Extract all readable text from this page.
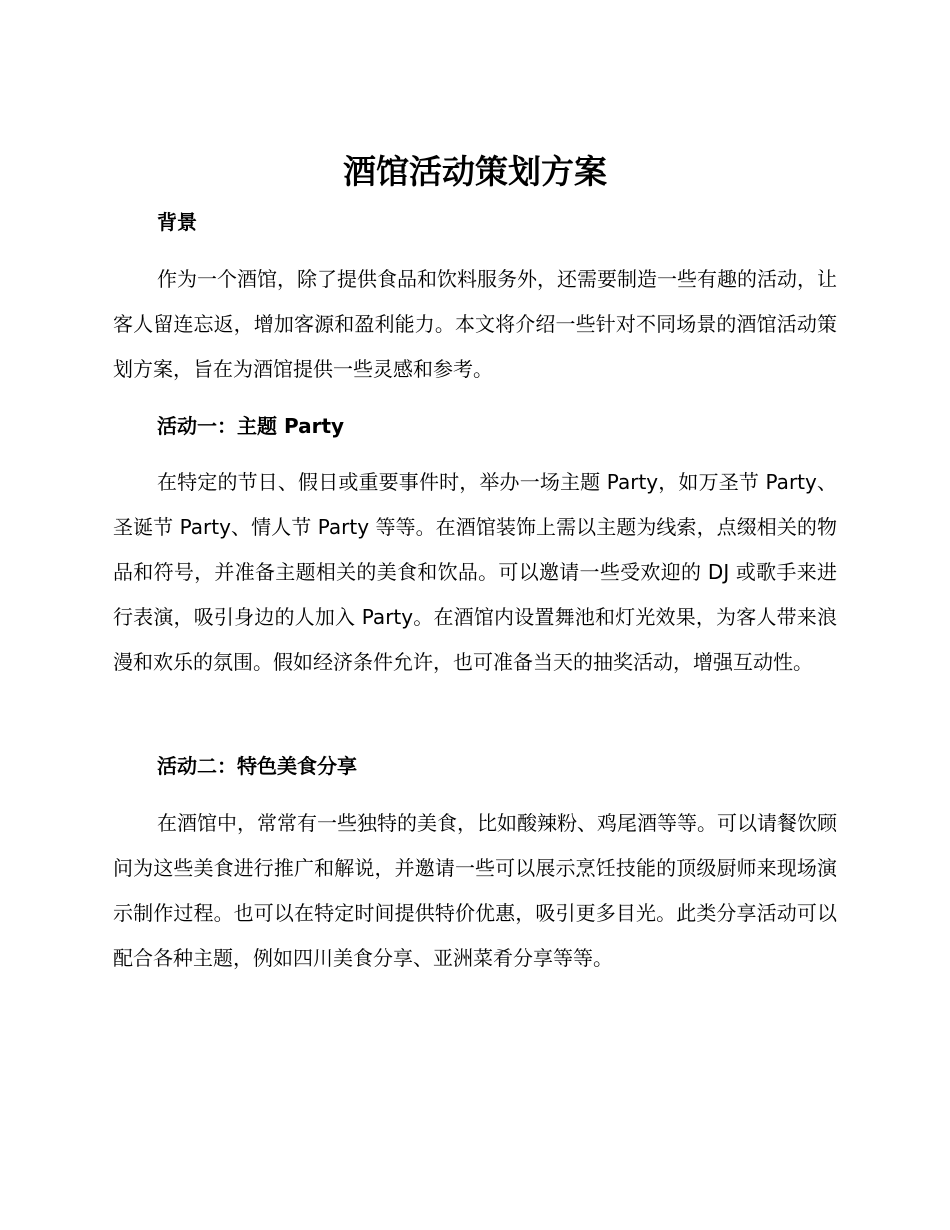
酒馆活动策划方案
背景

作为一个酒馆，除了提供食品和饮料服务外，还需要制造一些有趣的活动，让客人留连忘返，增加客源和盈利能力。本文将介绍一些针对不同场景的酒馆活动策划方案，旨在为酒馆提供一些灵感和参考。

活动一：主题 Party

在特定的节日、假日或重要事件时，举办一场主题 Party，如万圣节 Party、圣诞节 Party、情人节 Party 等等。在酒馆装饰上需以主题为线索，点缀相关的物品和符号，并准备主题相关的美食和饮品。可以邀请一些受欢迎的 DJ 或歌手来进行表演，吸引身边的人加入 Party。在酒馆内设置舞池和灯光效果，为客人带来浪漫和欢乐的氛围。假如经济条件允许，也可准备当天的抽奖活动，增强互动性。

活动二：特色美食分享

在酒馆中，常常有一些独特的美食，比如酸辣粉、鸡尾酒等等。可以请餐饮顾问为这些美食进行推广和解说，并邀请一些可以展示烹饪技能的顶级厨师来现场演示制作过程。也可以在特定时间提供特价优惠，吸引更多目光。此类分享活动可以配合各种主题，例如四川美食分享、亚洲菜肴分享等等。
